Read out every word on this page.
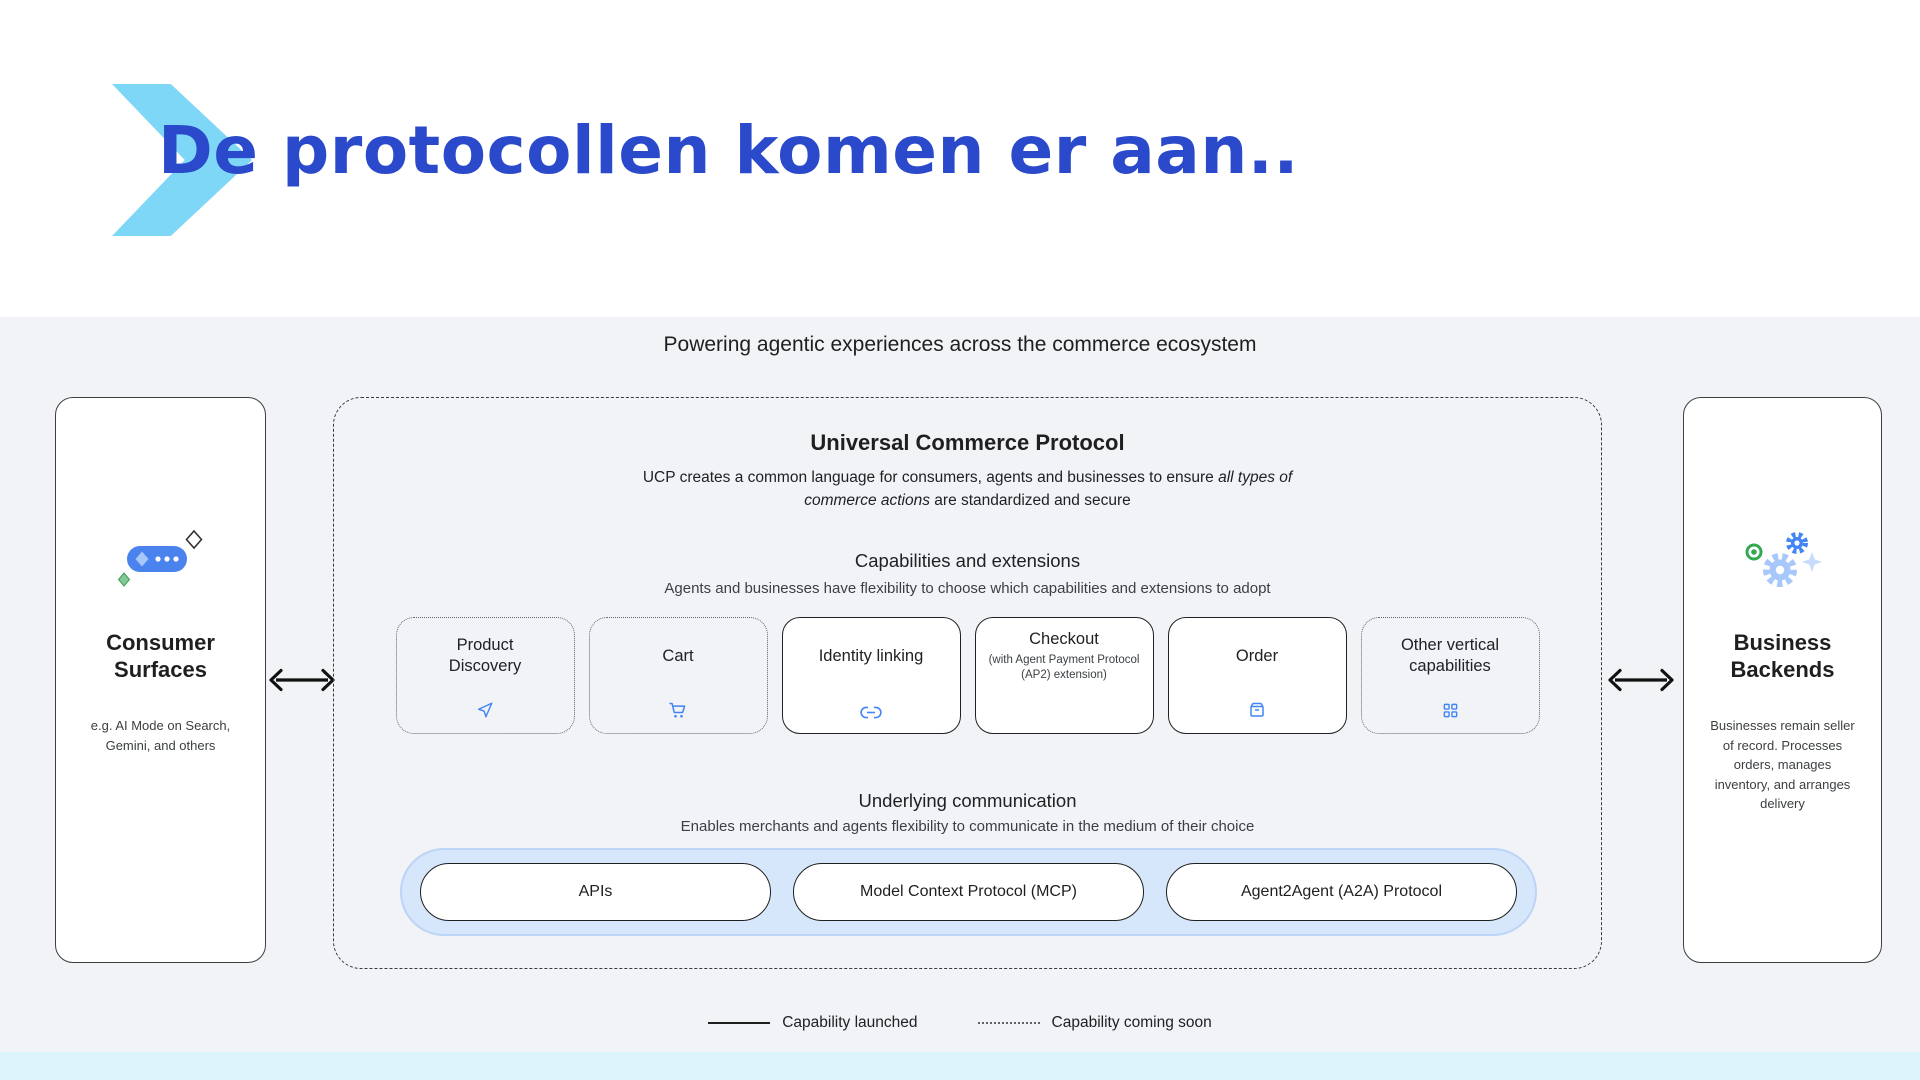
De protocollen komen er aan..
Powering agentic experiences across the commerce ecosystem
Consumer Surfaces
e.g. AI Mode on Search, Gemini, and others
Universal Commerce Protocol

UCP creates a common language for consumers, agents and businesses to ensure all types of commerce actions are standardized and secure

Capabilities and extensions
Agents and businesses have flexibility to choose which capabilities and extensions to adopt
Product Discovery
Cart	Identity linking
Checkout
(with Agent Payment Protocol (AP2) extension)
Order
Other vertical capabilities
Underlying communication
Enables merchants and agents flexibility to communicate in the medium of their choice
APIs	Model Context Protocol (MCP)	Agent2Agent (A2A) Protocol
Business Backends
Businesses remain seller of record. Processes orders, manages inventory, and arranges delivery
Capability launched	Capability coming soon
